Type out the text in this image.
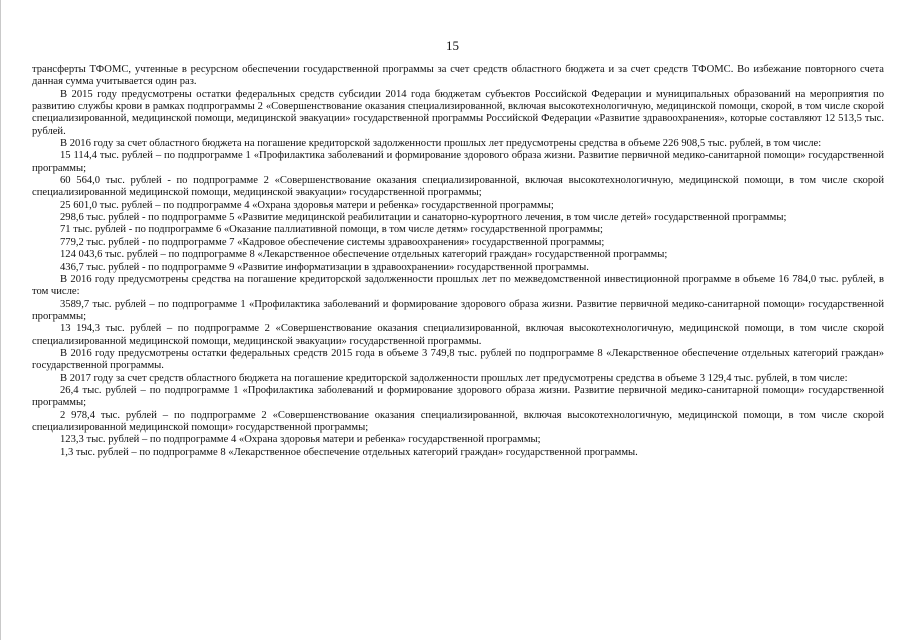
15

трансферты ТФОМС, учтенные в ресурсном обеспечении государственной программы за счет средств областного бюджета и за счет средств ТФОМС. Во избежание повторного счета данная сумма учитывается один раз.

В 2015 году предусмотрены остатки федеральных средств субсидии 2014 года бюджетам субъектов Российской Федерации и муниципальных образований на мероприятия по развитию службы крови в рамках подпрограммы 2 «Совершенствование оказания специализированной, включая высокотехнологичную, медицинской помощи, скорой, в том числе скорой специализированной, медицинской помощи, медицинской эвакуации» государственной программы Российской Федерации «Развитие здравоохранения», которые составляют 12 513,5 тыс. рублей.

В 2016 году за счет областного бюджета на погашение кредиторской задолженности прошлых лет предусмотрены средства в объеме 226 908,5 тыс. рублей, в том числе:

15 114,4 тыс. рублей – по подпрограмме 1 «Профилактика заболеваний и формирование здорового образа жизни. Развитие первичной медико-санитарной помощи» государственной программы;

60 564,0 тыс. рублей - по подпрограмме 2 «Совершенствование оказания специализированной, включая высокотехнологичную, медицинской помощи, в том числе скорой специализированной медицинской помощи, медицинской эвакуации» государственной программы;

25 601,0 тыс. рублей – по подпрограмме 4 «Охрана здоровья матери и ребенка» государственной программы;

298,6 тыс. рублей - по подпрограмме 5 «Развитие медицинской реабилитации и санаторно-курортного лечения, в том числе детей» государственной программы;

71 тыс. рублей - по подпрограмме 6 «Оказание паллиативной помощи, в том числе детям» государственной программы;

779,2 тыс. рублей - по подпрограмме 7 «Кадровое обеспечение системы здравоохранения» государственной программы;

124 043,6 тыс. рублей – по подпрограмме 8 «Лекарственное обеспечение отдельных категорий граждан» государственной программы;

436,7 тыс. рублей - по подпрограмме 9 «Развитие информатизации в здравоохранении» государственной программы.

В 2016 году предусмотрены средства на погашение кредиторской задолженности прошлых лет по межведомственной инвестиционной программе в объеме 16 784,0 тыс. рублей, в том числе:

3589,7 тыс. рублей – по подпрограмме 1 «Профилактика заболеваний и формирование здорового образа жизни. Развитие первичной медико-санитарной помощи» государственной программы;

13 194,3 тыс. рублей – по подпрограмме 2 «Совершенствование оказания специализированной, включая высокотехнологичную, медицинской помощи, в том числе скорой специализированной медицинской помощи, медицинской эвакуации» государственной программы.

В 2016 году предусмотрены остатки федеральных средств 2015 года в объеме 3 749,8 тыс. рублей по подпрограмме 8 «Лекарственное обеспечение отдельных категорий граждан» государственной программы.

В 2017 году за счет средств областного бюджета на погашение кредиторской задолженности прошлых лет предусмотрены средства в объеме 3 129,4 тыс. рублей, в том числе:

26,4 тыс. рублей – по подпрограмме 1 «Профилактика заболеваний и формирование здорового образа жизни. Развитие первичной медико-санитарной помощи» государственной программы;

2 978,4 тыс. рублей – по подпрограмме 2 «Совершенствование оказания специализированной, включая высокотехнологичную, медицинской помощи, в том числе скорой специализированной медицинской помощи» государственной программы;

123,3 тыс. рублей – по подпрограмме 4 «Охрана здоровья матери и ребенка» государственной программы;

1,3 тыс. рублей – по подпрограмме 8 «Лекарственное обеспечение отдельных категорий граждан» государственной программы.
